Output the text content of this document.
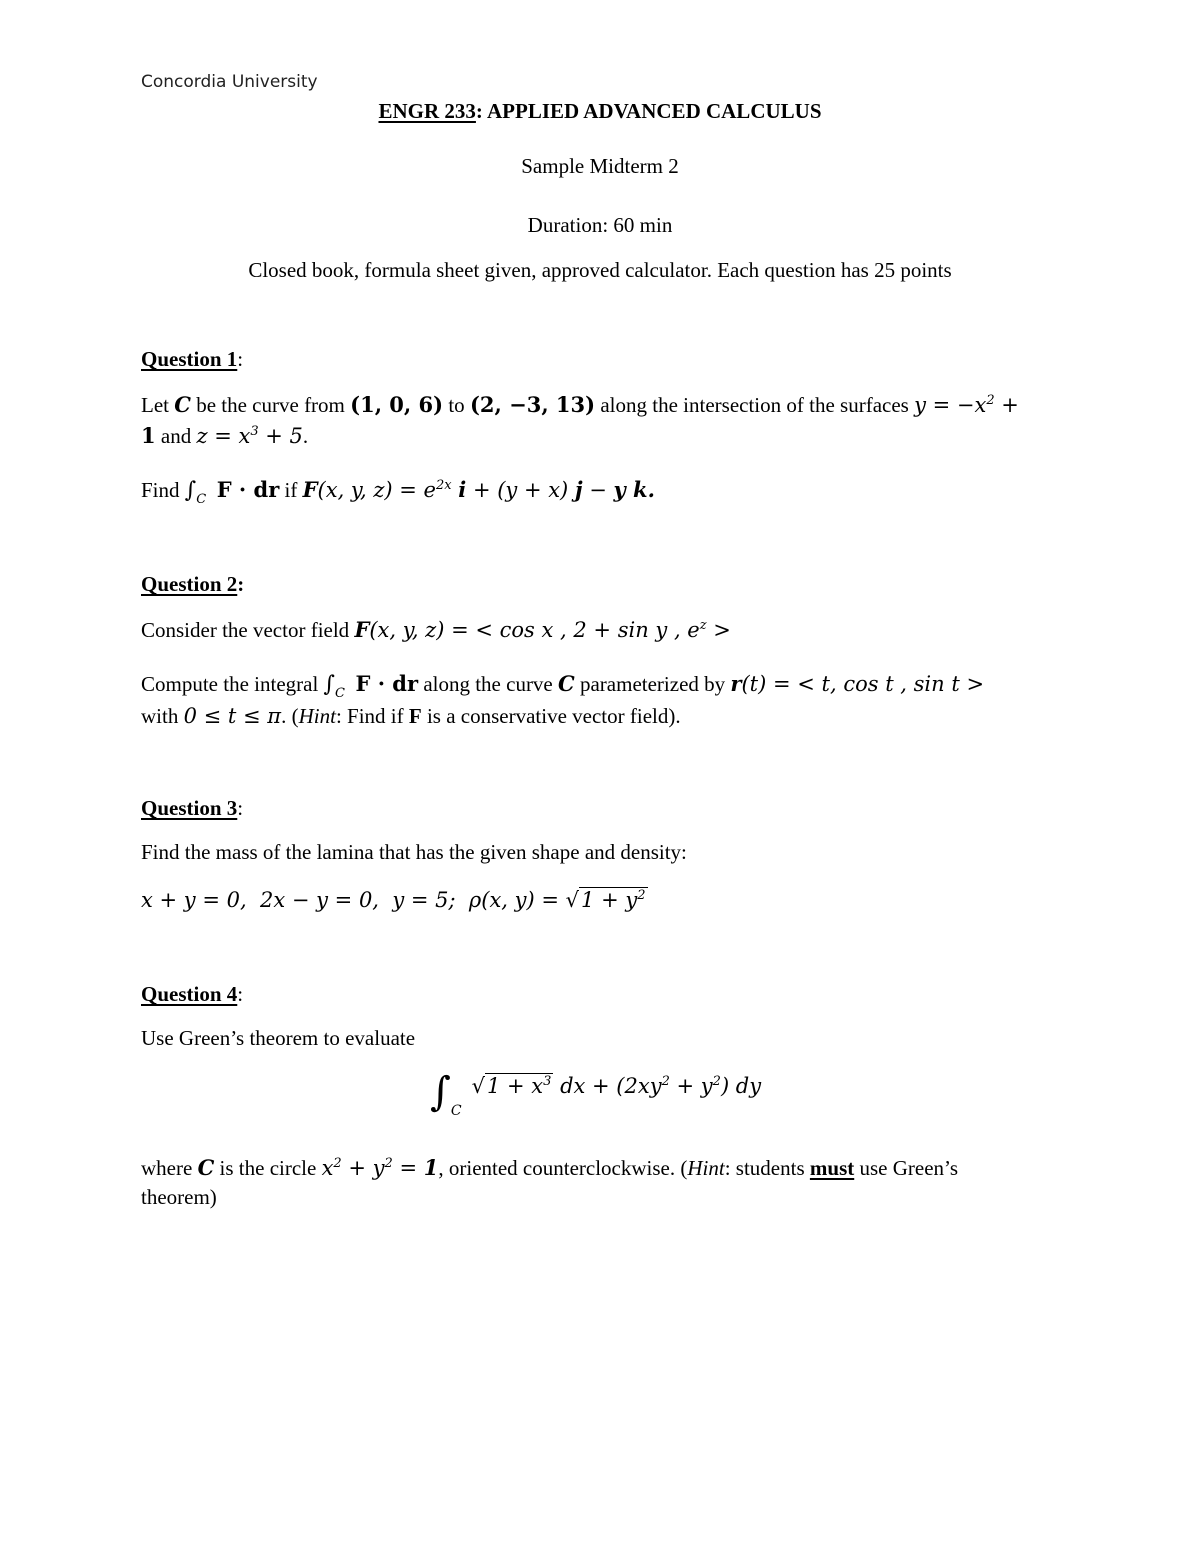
Concordia University
ENGR 233: APPLIED ADVANCED CALCULUS
Sample Midterm 2
Duration: 60 min
Closed book, formula sheet given, approved calculator. Each question has 25 points
Question 1:
Let C be the curve from (1, 0, 6) to (2, −3, 13) along the intersection of the surfaces $y = -x^2$ +
1 and $z = x^3 + 5$.
Find $\int_C$ F · dr if F(x, y, $z) = e^{2x}$ i + (y + x) j − y k.
Question 2:
Consider the vector field F(x, y, z) = < cos x , 2 + sin y , $e^z$ >
Compute the integral $\int_C$ F · dr along the curve C parameterized by r(t) = < t, cos t , sin t >
with 0 ≤ t ≤ π. (Hint: Find if F is a conservative vector field).
Question 3:
Find the mass of the lamina that has the given shape and density:
x + y = 0,  2x − y = 0,  y = 5;  ρ(x, $y) = √1 + y^2$
Question 4:
Use Green’s theorem to evaluate
∫C $√1 + x^3$ dx + $(2xy^2 + y^2)$ dy
where C is the circle $x^2 + y^2 = 1$, oriented counterclockwise. (Hint: students must use Green’s
theorem)
